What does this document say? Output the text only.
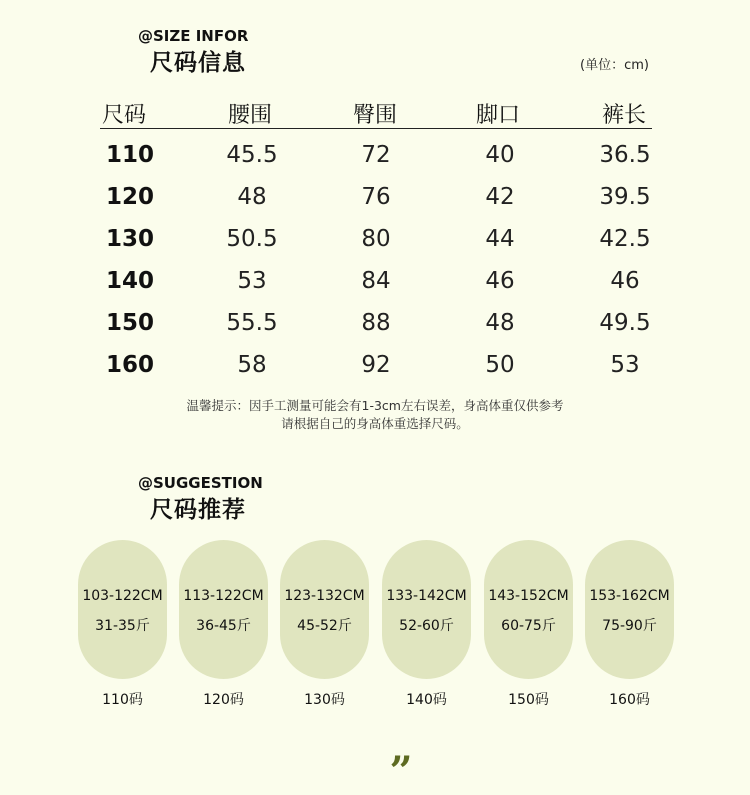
@SIZE INFOR
尺码信息	(单位：cm)
尺码	腰围	臀围	脚口	裤长
110	45.5	72	40	36.5
120	48	76	42	39.5
130	50.5	80	44	42.5
140	53	84	46	46
150	55.5	88	48	49.5
160	58	92	50	53
温馨提示：因手工测量可能会有1-3cm左右误差，身高体重仅供参考
请根据自己的身高体重选择尺码。
@SUGGESTION
尺码推荐
103-122CM
31-35斤
113-122CM
36-45斤
123-132CM
45-52斤
133-142CM
52-60斤
143-152CM
60-75斤
153-162CM
75-90斤
110码	120码	130码	140码	150码	160码
”
